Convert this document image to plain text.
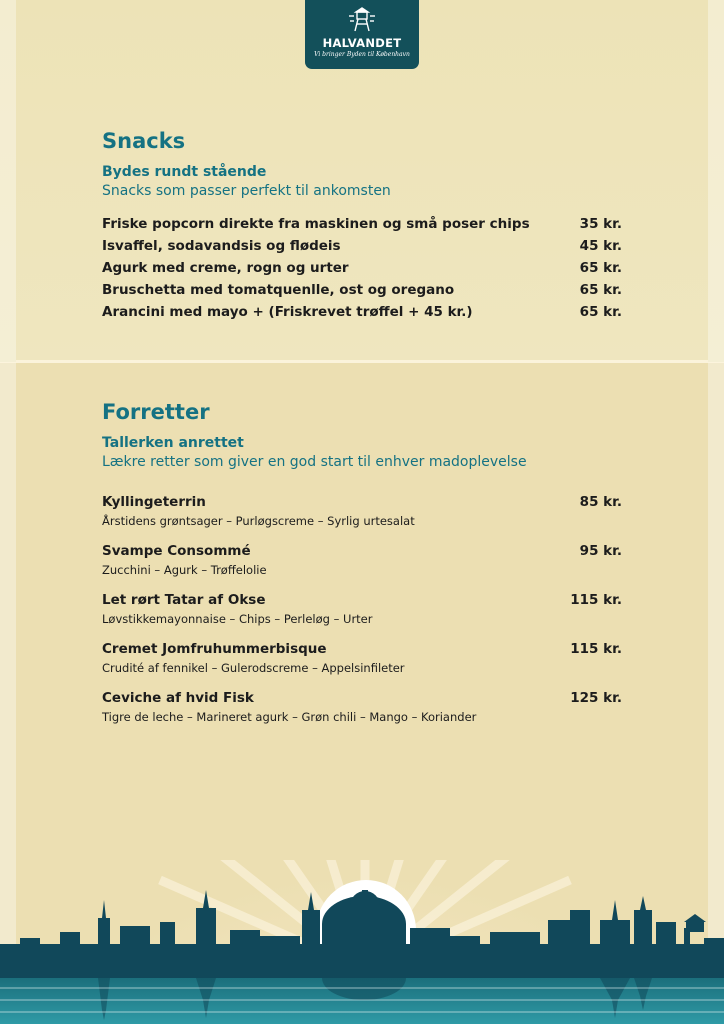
HALVANDET
Vi bringer Byden til København
Snacks
Bydes rundt stående
Snacks som passer perfekt til ankomsten
Friske popcorn direkte fra maskinen og små poser chips	35 kr.
Isvaffel, sodavandsis og flødeis	45 kr.
Agurk med creme, rogn og urter	65 kr.
Bruschetta med tomatquenlle, ost og oregano	65 kr.
Arancini med mayo + (Friskrevet trøffel + 45 kr.)	65 kr.
Forretter
Tallerken anrettet
Lækre retter som giver en god start til enhver madoplevelse
Kyllingeterrin	85 kr.
Årstidens grøntsager – Purløgscreme – Syrlig urtesalat
Svampe Consommé	95 kr.
Zucchini – Agurk – Trøffelolie
Let rørt Tatar af Okse	115 kr.
Løvstikkemayonnaise – Chips – Perleløg – Urter
Cremet Jomfruhummerbisque	115 kr.
Crudité af fennikel – Gulerodscreme – Appelsinfileter
Ceviche af hvid Fisk	125 kr.
Tigre de leche – Marineret agurk – Grøn chili – Mango – Koriander
